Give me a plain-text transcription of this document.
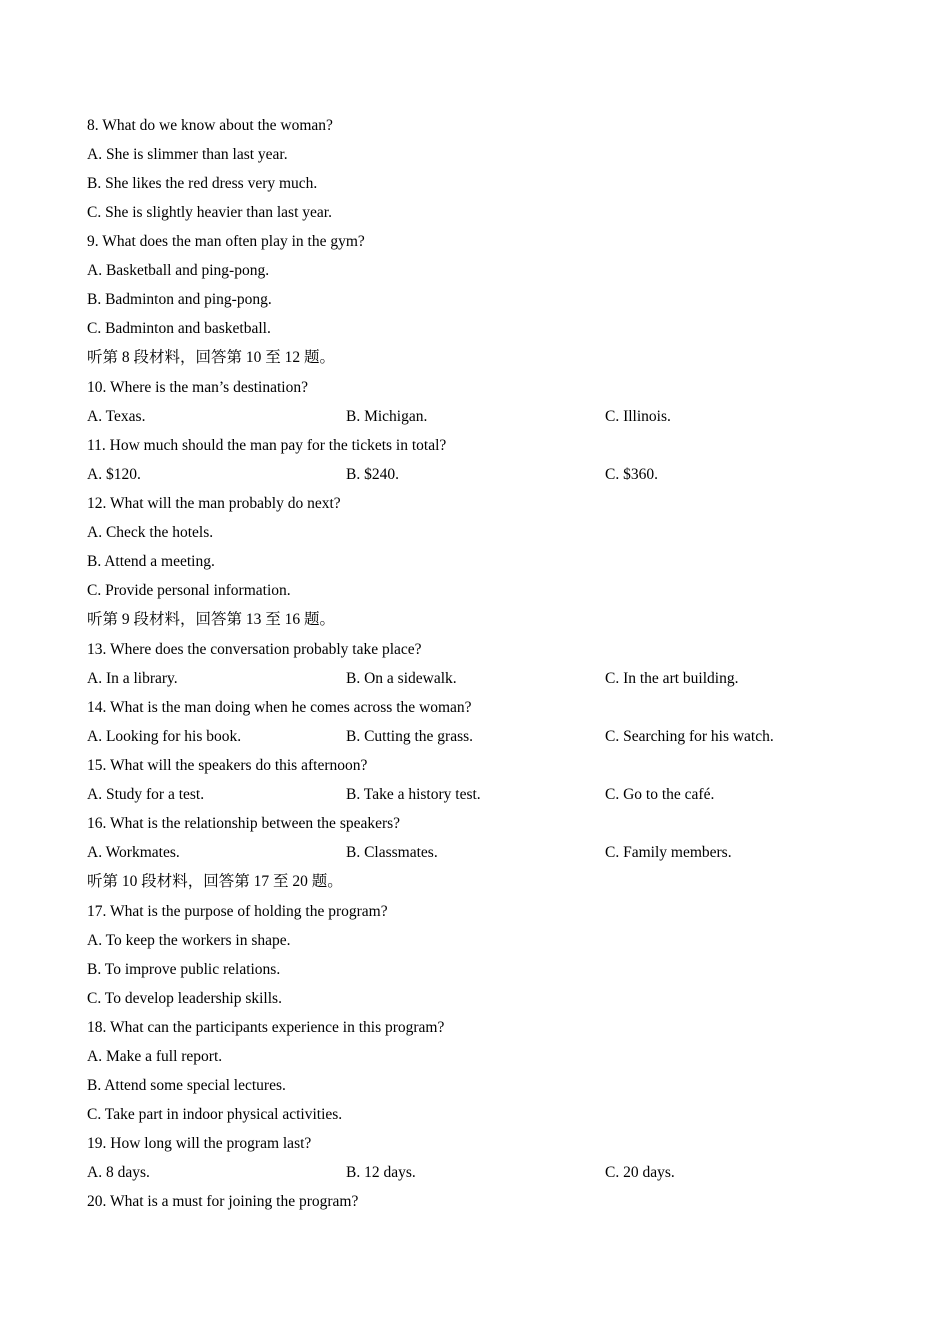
8. What do we know about the woman?
A. She is slimmer than last year.
B. She likes the red dress very much.
C. She is slightly heavier than last year.
9. What does the man often play in the gym?
A. Basketball and ping-pong.
B. Badminton and ping-pong.
C. Badminton and basketball.
听第 8 段材料，回答第 10 至 12 题。
10. Where is the man’s destination?
A. Texas.	B. Michigan.	C. Illinois.
11. How much should the man pay for the tickets in total?
A. $120.	B. $240.	C. $360.
12. What will the man probably do next?
A. Check the hotels.
B. Attend a meeting.
C. Provide personal information.
听第 9 段材料，回答第 13 至 16 题。
13. Where does the conversation probably take place?
A. In a library.	B. On a sidewalk.	C. In the art building.
14. What is the man doing when he comes across the woman?
A. Looking for his book.	B. Cutting the grass.	C. Searching for his watch.
15. What will the speakers do this afternoon?
A. Study for a test.	B. Take a history test.	C. Go to the café.
16. What is the relationship between the speakers?
A. Workmates.	B. Classmates.	C. Family members.
听第 10 段材料，回答第 17 至 20 题。
17. What is the purpose of holding the program?
A. To keep the workers in shape.
B. To improve public relations.
C. To develop leadership skills.
18. What can the participants experience in this program?
A. Make a full report.
B. Attend some special lectures.
C. Take part in indoor physical activities.
19. How long will the program last?
A. 8 days.	B. 12 days.	C. 20 days.
20. What is a must for joining the program?
